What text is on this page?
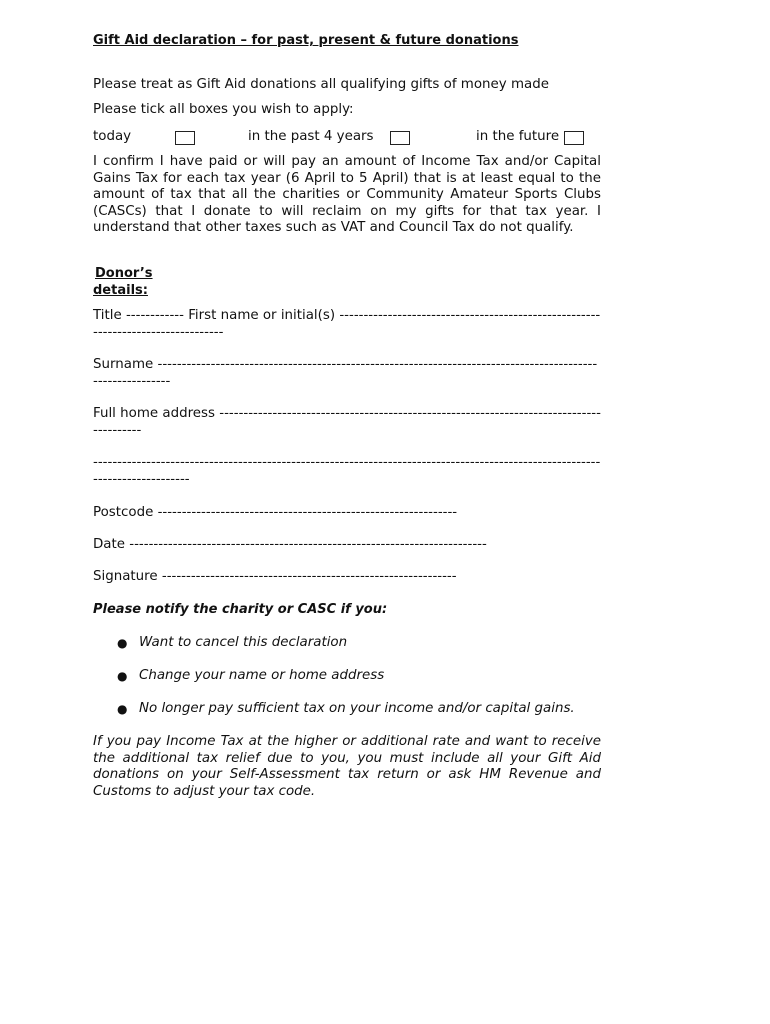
Gift Aid declaration – for past, present & future donations
Please treat as Gift Aid donations all qualifying gifts of money made
Please tick all boxes you wish to apply:
today	in the past 4 years	in the future
I confirm I have paid or will pay an amount of Income Tax and/or Capital Gains Tax for each tax year (6 April to 5 April) that is at least equal to the amount of tax that all the charities or Community Amateur Sports Clubs (CASCs) that I donate to will reclaim on my gifts for that tax year. I understand that other taxes such as VAT and Council Tax do not qualify.
Donor’s
details:
Title ------------ First name or initial(s) ---------------------------------------------------------------------------------
Surname -----------------------------------------------------------------------------------------------------------
Full home address -----------------------------------------------------------------------------------------
-----------------------------------------------------------------------------------------------------------------------------
Postcode --------------------------------------------------------------
Date --------------------------------------------------------------------------
Signature -------------------------------------------------------------
Please notify the charity or CASC if you:
● Want to cancel this declaration
● Change your name or home address
● No longer pay sufficient tax on your income and/or capital gains.
If you pay Income Tax at the higher or additional rate and want to receive the additional tax relief due to you, you must include all your Gift Aid donations on your Self-Assessment tax return or ask HM Revenue and Customs to adjust your tax code.
